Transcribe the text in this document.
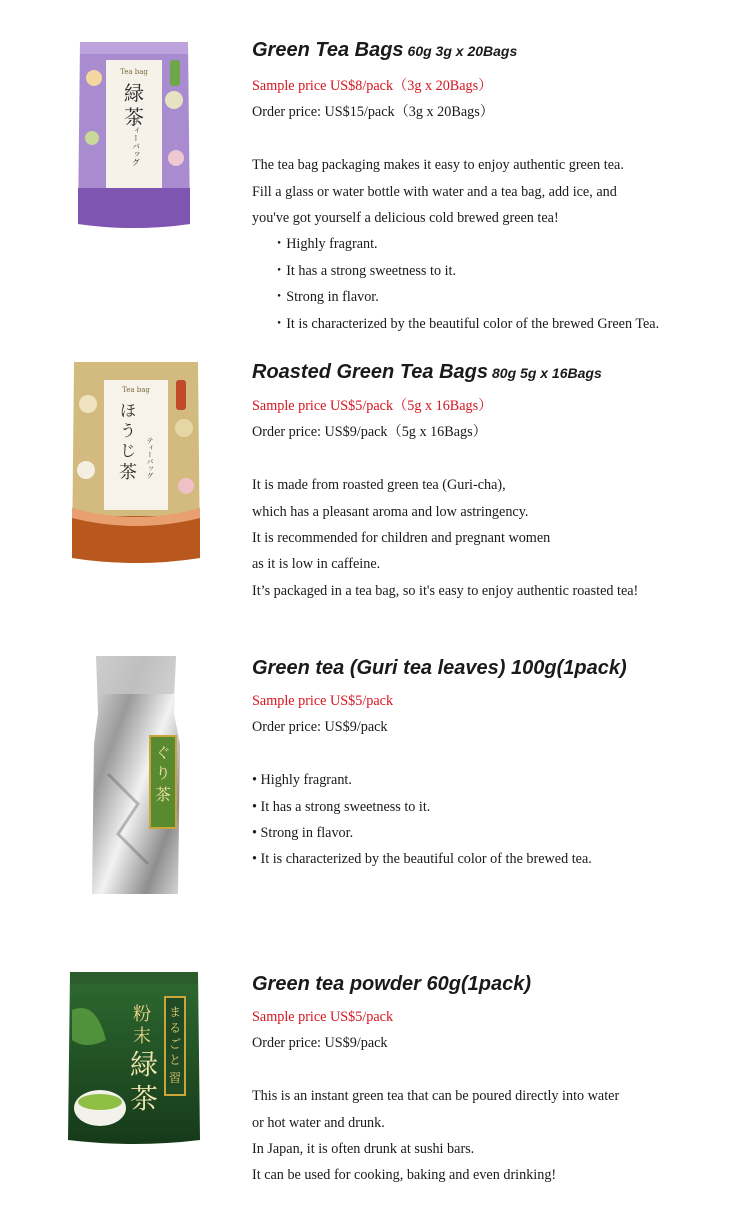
Tea bag
緑
茶
ティーバッグ
Green Tea Bags 60g 3g x 20Bags
Sample price US$8/pack（3g x 20Bags）
Order price: US$15/pack（3g x 20Bags）
The tea bag packaging makes it easy to enjoy authentic green tea.
Fill a glass or water bottle with water and a tea bag, add ice, and
you've got yourself a delicious cold brewed green tea!
・Highly fragrant.
・It has a strong sweetness to it.
・Strong in flavor.
・It is characterized by the beautiful color of the brewed Green Tea.
Tea bag
ほ
う
じ
茶 ティーバッグ
Roasted Green Tea Bags 80g 5g x 16Bags
Sample price US$5/pack（5g x 16Bags）
Order price: US$9/pack（5g x 16Bags）
It is made from roasted green tea (Guri-cha),
which has a pleasant aroma and low astringency.
It is recommended for children and pregnant women
as it is low in caffeine.
It’s packaged in a tea bag, so it's easy to enjoy authentic roasted tea!
ぐ
り
茶
Green tea (Guri tea leaves) 100g(1pack)
Sample price US$5/pack
Order price: US$9/pack
• Highly fragrant.
• It has a strong sweetness to it.
• Strong in flavor.
• It is characterized by the beautiful color of the brewed tea.
ま
る
ご
と
習
粉
末
緑
茶
Green tea powder 60g(1pack)
Sample price US$5/pack
Order price: US$9/pack
This is an instant green tea that can be poured directly into water
or hot water and drunk.
In Japan, it is often drunk at sushi bars.
It can be used for cooking, baking and even drinking!
